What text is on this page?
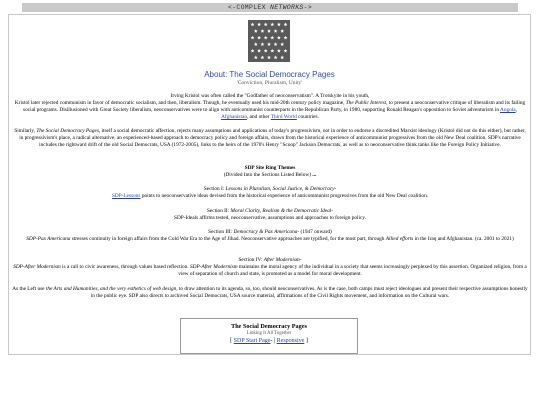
<-COMPLEX NETWORKS->
About: The Social Democracy Pages
'Conviction, Pluralism, Unity'
Irving Kristol was often called the "Godfather of neoconservatism". A Trotskyite in his youth,
Kristol later rejected communism in favor of democratic socialism, and then, liberalism. Though, he eventually used his mid-20th century policy magazine, The Public Interest, to present a neoconservative critique of liberalism and its failing social programs. Disillusioned with Great Society liberalism, neoconservatives were to align with anticommunist counterparts in the Republican Party, in 1980, supporting Ronald Reagan's opposition to Soviet adventurism in Angola, Afghanistan, and other Third World countries.
Similarly, The Social Democracy Pages, itself a social democratic affection, rejects many assumptions and applications of today's progressivism, not in order to endorse a discredited Marxist ideology (Kristol did not do this either), but rather, in progressivism's place, a radical alternative, an experienced-based approach to democracy policy and foreign affairs, drawn from the historical experience of anticommunist progressives from the old New Deal coalition. SDP's narrative includes the rightward drift of the old Social Democrats, USA (1972-2005), links to the heirs of the 1970's Henry "Scoop" Jackson Democrats, as well as to neoconservative think tanks like the Foreign Policy Initiative.
SDP Site Ring Themes
(Divided Into the Sections Listed Below) ...
Section I: Lessons in Pluralism, Social Justice, & Democracy-
SDP-Lessons points to neoconservative ideas devised from the historical experience of anticommunist progressives from the old New Deal coalition.
Section II: Moral Clarity, Realism & the Democratic Ideal-
SDP-Ideals affirms tested, neoconservative, assumptions and approaches to foreign policy.
Section III: Democracy & Pax Americana- (1947 onward)
SDP-Pax Americana stresses continuity in foreign affairs from the Cold War Era to the Age of Jihad. Neoconservative approaches are typified, for the most part, through Allied efforts in the Iraq and Afghanistan. (ca. 2001 to 2021)
Section IV: After Modernism-
SDP-After Modernism is a call to civic awareness, through values based reflection. SDP-After Modernism maintains the moral agency of the individual in a society that seems increasingly perplexed by this assertion. Organized religion, from a view of separation of church and state, is promoted as a model for moral development.
As the Left use the Arts and Humanities, and the very esthetics of web design, to draw attention to its agenda, so, too, should neoconservatives. As is the case, both camps must reject ideologues and present their respective assumptions honestly in the public eye. SDP also directs to archived Social Democrats, USA source material, affirmations of the Civil Rights movement, and information on the Cultural wars.
The Social Democracy Pages
Linking It All Together
[ SDP Start Page- | Responsive ]
